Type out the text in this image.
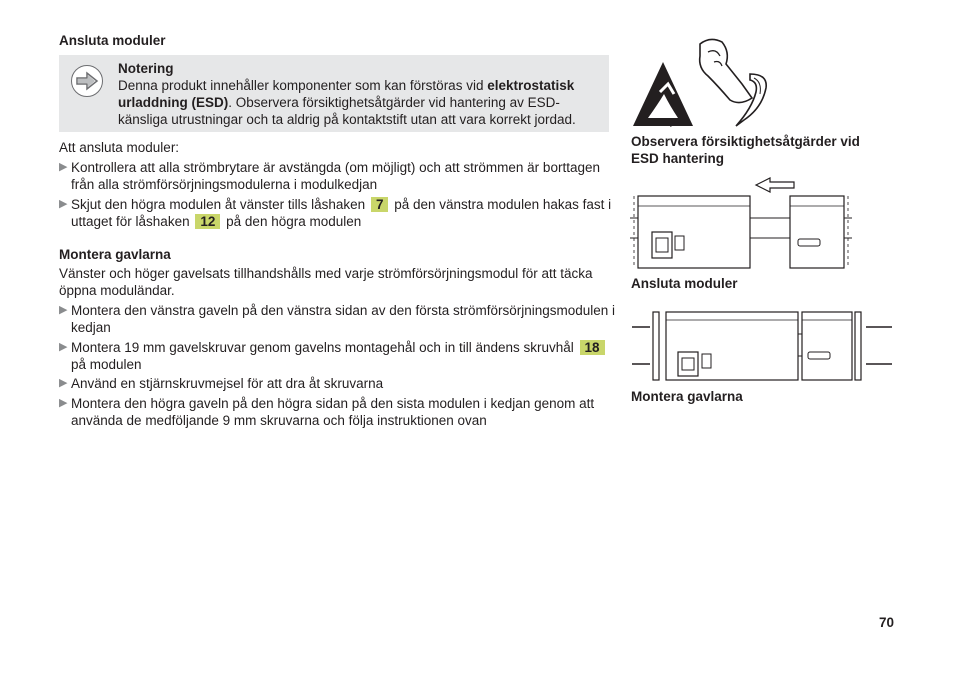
Ansluta moduler
Notering
Denna produkt innehåller komponenter som kan förstöras vid elektrostatisk urladdning (ESD). Observera försiktighetsåtgärder vid hantering av ESD-känsliga utrustningar och ta aldrig på kontaktstift utan att vara korrekt jordad.
Att ansluta moduler:
▶ Kontrollera att alla strömbrytare är avstängda (om möjligt) och att strömmen är borttagen från alla strömförsörjningsmodulerna i modulkedjan
▶ Skjut den högra modulen åt vänster tills låshaken 7 på den vänstra modulen hakas fast i uttaget för låshaken 12 på den högra modulen
Montera gavlarna
Vänster och höger gavelsats tillhandshålls med varje strömförsörjningsmodul för att täcka öppna moduländar.
▶ Montera den vänstra gaveln på den vänstra sidan av den första strömförsörjningsmodulen i kedjan
▶ Montera 19 mm gavelskruvar genom gavelns montagehål och in till ändens skruvhål 18 på modulen
▶ Använd en stjärnskruvmejsel för att dra åt skruvarna
▶ Montera den högra gaveln på den högra sidan på den sista modulen i kedjan genom att använda de medföljande 9 mm skruvarna och följa instruktionen ovan
Observera försiktighetsåtgärder vid ESD hantering
Ansluta moduler
Montera gavlarna
70
